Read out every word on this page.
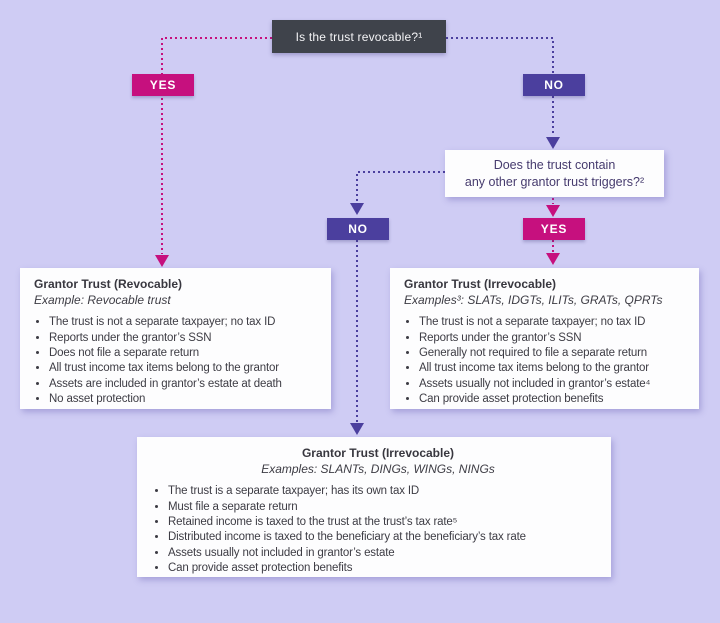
Is the trust revocable?¹
YES	NO
Does the trust contain
any other grantor trust triggers?²
NO	YES
Grantor Trust (Revocable)
Example: Revocable trust
• The trust is not a separate taxpayer; no tax ID
• Reports under the grantor’s SSN
• Does not file a separate return
• All trust income tax items belong to the grantor
• Assets are included in grantor’s estate at death
• No asset protection
Grantor Trust (Irrevocable)
Examples³: SLATs, IDGTs, ILITs, GRATs, QPRTs
• The trust is not a separate taxpayer; no tax ID
• Reports under the grantor’s SSN
• Generally not required to file a separate return
• All trust income tax items belong to the grantor
• Assets usually not included in grantor’s estate⁴
• Can provide asset protection benefits
Grantor Trust (Irrevocable)
Examples: SLANTs, DINGs, WINGs, NINGs
• The trust is a separate taxpayer; has its own tax ID
• Must file a separate return
• Retained income is taxed to the trust at the trust’s tax rate⁵
• Distributed income is taxed to the beneficiary at the beneficiary’s tax rate
• Assets usually not included in grantor’s estate
• Can provide asset protection benefits
